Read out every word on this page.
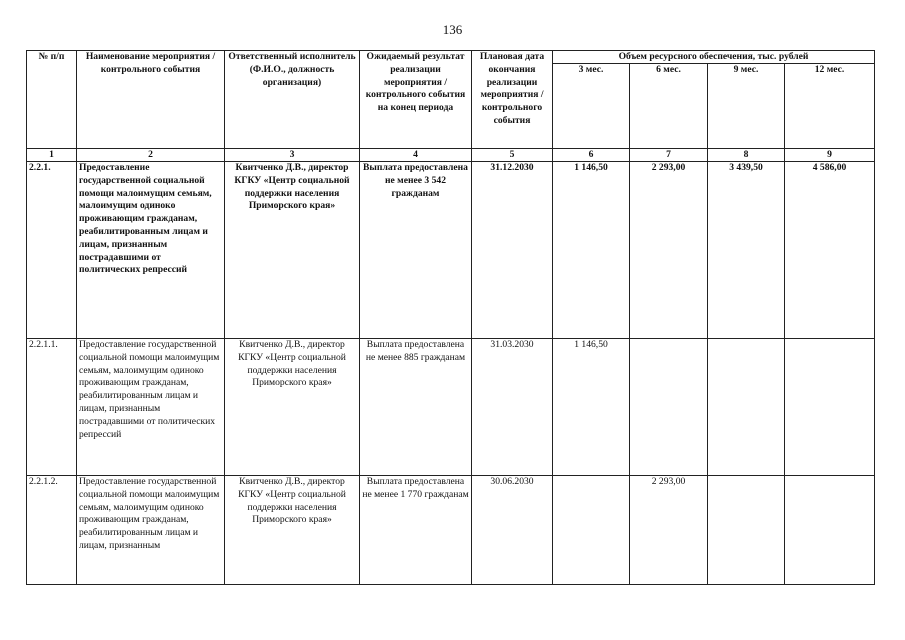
136
№ п/п	Наименование мероприятия / контрольного события	Ответственный исполнитель (Ф.И.О., должность организация)	Ожидаемый результат реализации мероприятия / контрольного события на конец периода	Плановая дата окончания реализации мероприятия / контрольного события	Объем ресурсного обеспечения, тыс. рублей			
					3 мес.	6 мес.	9 мес.	12 мес.
1	2	3	4	5	6	7	8	9
2.2.1.	Предоставление государственной социальной помощи малоимущим семьям, малоимущим одиноко проживающим гражданам, реабилитированным лицам и лицам, признанным пострадавшими от политических репрессий	Квитченко Д.В., директор КГКУ «Центр социальной поддержки населения Приморского края»	Выплата предоставлена не менее 3 542 гражданам	31.12.2030	1 146,50	2 293,00	3 439,50	4 586,00
2.2.1.1.	Предоставление государственной социальной помощи малоимущим семьям, малоимущим одиноко проживающим гражданам, реабилитированным лицам и лицам, признанным пострадавшими от политических репрессий	Квитченко Д.В., директор КГКУ «Центр социальной поддержки населения Приморского края»	Выплата предоставлена не менее 885 гражданам	31.03.2030	1 146,50			
2.2.1.2.	Предоставление государственной социальной помощи малоимущим семьям, малоимущим одиноко проживающим гражданам, реабилитированным лицам и лицам, признанным	Квитченко Д.В., директор КГКУ «Центр социальной поддержки населения Приморского края»	Выплата предоставлена не менее 1 770 гражданам	30.06.2030		2 293,00		
